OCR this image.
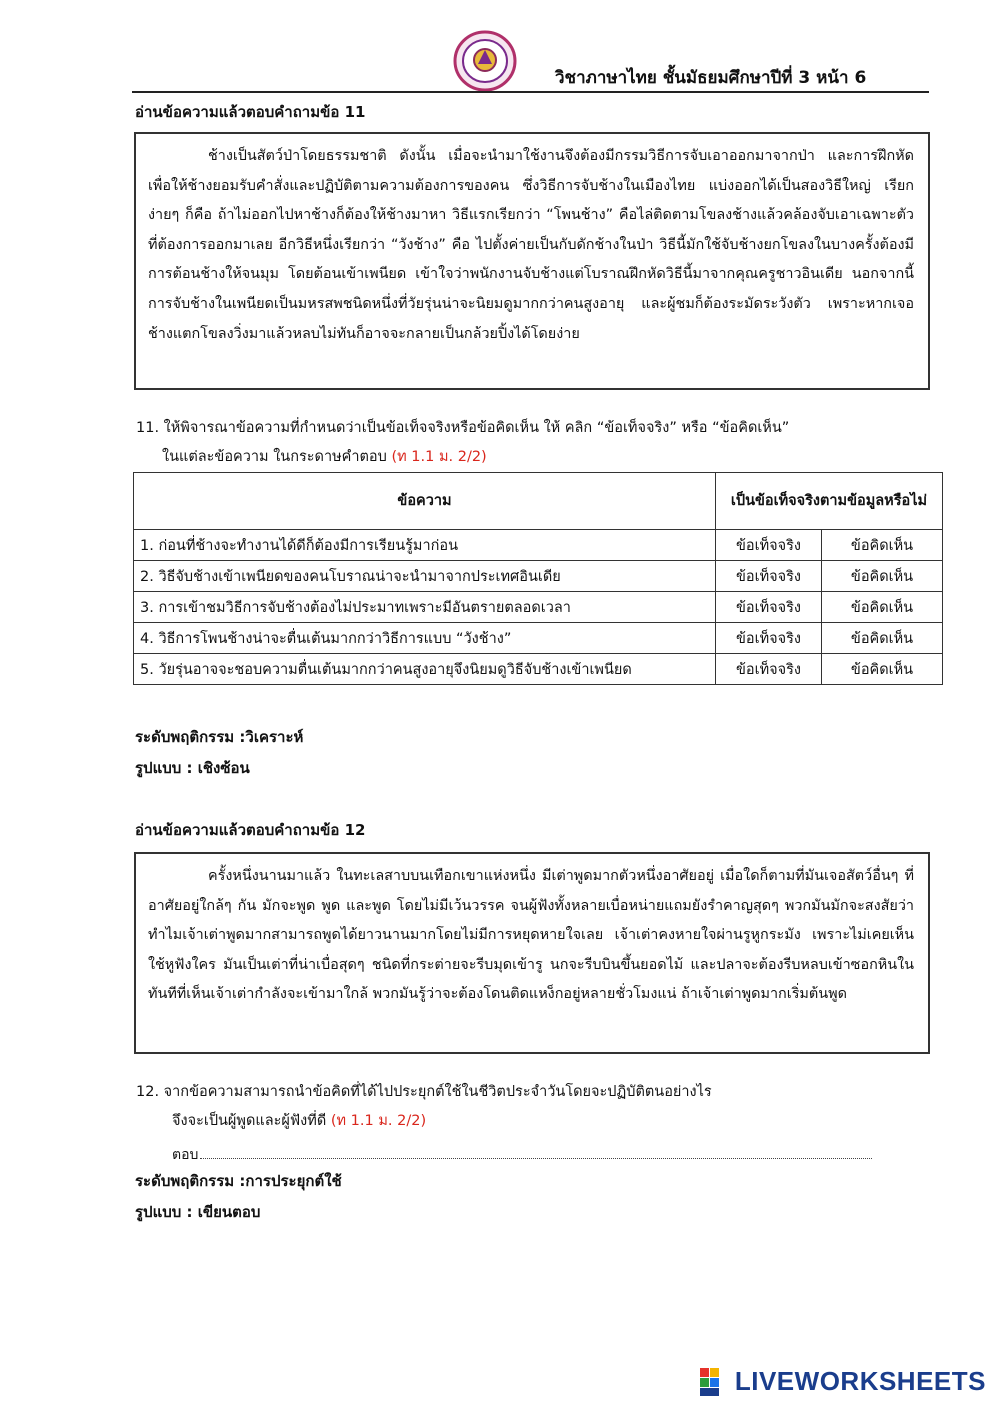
วิชาภาษาไทย ชั้นมัธยมศึกษาปีที่ 3 หน้า 6
อ่านข้อความแล้วตอบคำถามข้อ 11

ช้างเป็นสัตว์ป่าโดยธรรมชาติ ดังนั้น เมื่อจะนำมาใช้งานจึงต้องมีกรรมวิธีการจับเอาออกมาจากป่า และการฝึกหัด เพื่อให้ช้างยอมรับคำสั่งและปฏิบัติตามความต้องการของคน ซึ่งวิธีการจับช้างในเมืองไทย แบ่งออกได้เป็นสองวิธีใหญ่ เรียกง่ายๆ ก็คือ ถ้าไม่ออกไปหาช้างก็ต้องให้ช้างมาหา วิธีแรกเรียกว่า “โพนช้าง” คือไล่ติดตามโขลงช้างแล้วคล้องจับเอาเฉพาะตัวที่ต้องการออกมาเลย อีกวิธีหนึ่งเรียกว่า “วังช้าง” คือ ไปตั้งค่ายเป็นกับดักช้างในป่า วิธีนี้มักใช้จับช้างยกโขลงในบางครั้งต้องมีการต้อนช้างให้จนมุม โดยต้อนเข้าเพนียด เข้าใจว่าพนักงานจับช้างแต่โบราณฝึกหัดวิธีนี้มาจากคุณครูชาวอินเดีย นอกจากนี้ การจับช้างในเพนียดเป็นมหรสพชนิดหนึ่งที่วัยรุ่นน่าจะนิยมดูมากกว่าคนสูงอายุ และผู้ชมก็ต้องระมัดระวังตัว เพราะหากเจอช้างแตกโขลงวิ่งมาแล้วหลบไม่ทันก็อาจจะกลายเป็นกล้วยปิ้งได้โดยง่าย

11. ให้พิจารณาข้อความที่กำหนดว่าเป็นข้อเท็จจริงหรือข้อคิดเห็น ให้ คลิก “ข้อเท็จจริง” หรือ “ข้อคิดเห็น”
ในแต่ละข้อความ ในกระดาษคำตอบ (ท 1.1 ม. 2/2)
ข้อความ	เป็นข้อเท็จจริงตามข้อมูลหรือไม่	
1. ก่อนที่ช้างจะทำงานได้ดีก็ต้องมีการเรียนรู้มาก่อน	ข้อเท็จจริง	ข้อคิดเห็น
2. วิธีจับช้างเข้าเพนียดของคนโบราณน่าจะนำมาจากประเทศอินเดีย	ข้อเท็จจริง	ข้อคิดเห็น
3. การเข้าชมวิธีการจับช้างต้องไม่ประมาทเพราะมีอันตรายตลอดเวลา	ข้อเท็จจริง	ข้อคิดเห็น
4. วิธีการโพนช้างน่าจะตื่นเต้นมากกว่าวิธีการแบบ “วังช้าง”	ข้อเท็จจริง	ข้อคิดเห็น
5. วัยรุ่นอาจจะชอบความตื่นเต้นมากกว่าคนสูงอายุจึงนิยมดูวิธีจับช้างเข้าเพนียด	ข้อเท็จจริง	ข้อคิดเห็น
ระดับพฤติกรรม :วิเคราะห์
รูปแบบ : เชิงซ้อน
อ่านข้อความแล้วตอบคำถามข้อ 12

ครั้งหนึ่งนานมาแล้ว ในทะเลสาบบนเทือกเขาแห่งหนึ่ง มีเต่าพูดมากตัวหนึ่งอาศัยอยู่ เมื่อใดก็ตามที่มันเจอสัตว์อื่นๆ ที่อาศัยอยู่ใกล้ๆ กัน มักจะพูด พูด และพูด โดยไม่มีเว้นวรรค จนผู้ฟังทั้งหลายเบื่อหน่ายแถมยังรำคาญสุดๆ พวกมันมักจะสงสัยว่า ทำไมเจ้าเต่าพูดมากสามารถพูดได้ยาวนานมากโดยไม่มีการหยุดหายใจเลย เจ้าเต่าคงหายใจผ่านรูหูกระมัง เพราะไม่เคยเห็นใช้หูฟังใคร มันเป็นเต่าที่น่าเบื่อสุดๆ ชนิดที่กระต่ายจะรีบมุดเข้ารู นกจะรีบบินขึ้นยอดไม้ และปลาจะต้องรีบหลบเข้าซอกหินในทันทีที่เห็นเจ้าเต่ากำลังจะเข้ามาใกล้ พวกมันรู้ว่าจะต้องโดนติดแหง็กอยู่หลายชั่วโมงแน่ ถ้าเจ้าเต่าพูดมากเริ่มต้นพูด

12. จากข้อความสามารถนำข้อคิดที่ได้ไปประยุกต์ใช้ในชีวิตประจำวันโดยจะปฏิบัติตนอย่างไร
จึงจะเป็นผู้พูดและผู้ฟังที่ดี (ท 1.1 ม. 2/2)
ตอบ
ระดับพฤติกรรม :การประยุกต์ใช้
รูปแบบ : เขียนตอบ
LIVEWORKSHEETS
